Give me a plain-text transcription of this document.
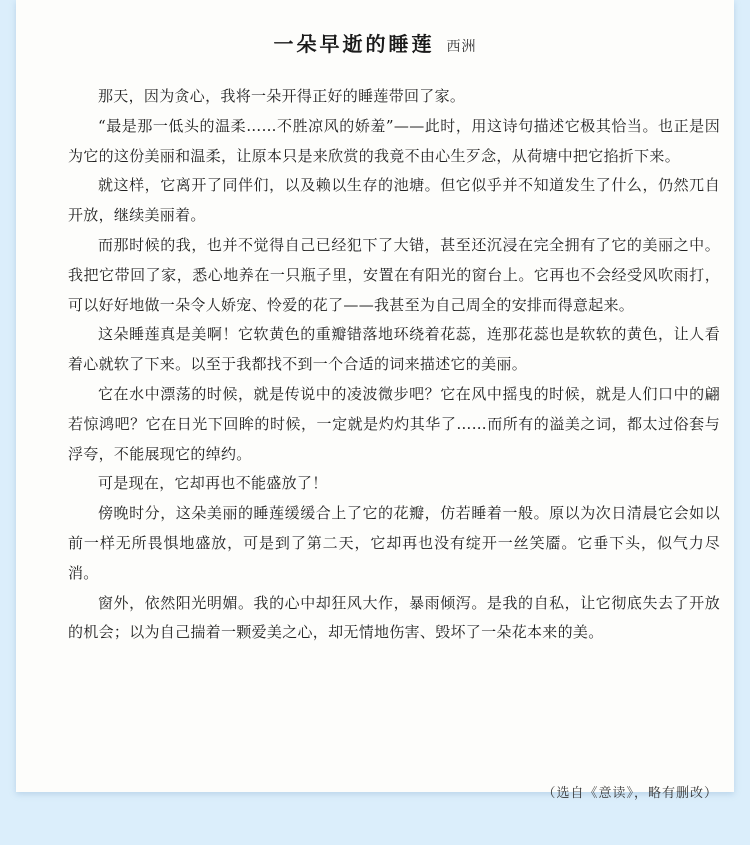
一朵早逝的睡莲 西洲

那天，因为贪心，我将一朵开得正好的睡莲带回了家。

“最是那一低头的温柔……不胜凉风的娇羞”——此时，用这诗句描述它极其恰当。也正是因为它的这份美丽和温柔，让原本只是来欣赏的我竟不由心生歹念，从荷塘中把它掐折下来。

就这样，它离开了同伴们，以及赖以生存的池塘。但它似乎并不知道发生了什么，仍然兀自开放，继续美丽着。

而那时候的我，也并不觉得自己已经犯下了大错，甚至还沉浸在完全拥有了它的美丽之中。我把它带回了家，悉心地养在一只瓶子里，安置在有阳光的窗台上。它再也不会经受风吹雨打，可以好好地做一朵令人娇宠、怜爱的花了——我甚至为自己周全的安排而得意起来。

这朵睡莲真是美啊！它软黄色的重瓣错落地环绕着花蕊，连那花蕊也是软软的黄色，让人看着心就软了下来。以至于我都找不到一个合适的词来描述它的美丽。

它在水中漂荡的时候，就是传说中的凌波微步吧？它在风中摇曳的时候，就是人们口中的翩若惊鸿吧？它在日光下回眸的时候，一定就是灼灼其华了……而所有的溢美之词，都太过俗套与浮夸，不能展现它的绰约。

可是现在，它却再也不能盛放了！

傍晚时分，这朵美丽的睡莲缓缓合上了它的花瓣，仿若睡着一般。原以为次日清晨它会如以前一样无所畏惧地盛放，可是到了第二天，它却再也没有绽开一丝笑靥。它垂下头，似气力尽消。

窗外，依然阳光明媚。我的心中却狂风大作，暴雨倾泻。是我的自私，让它彻底失去了开放的机会；以为自己揣着一颗爱美之心，却无情地伤害、毁坏了一朵花本来的美。

（选自《意读》，略有删改）
